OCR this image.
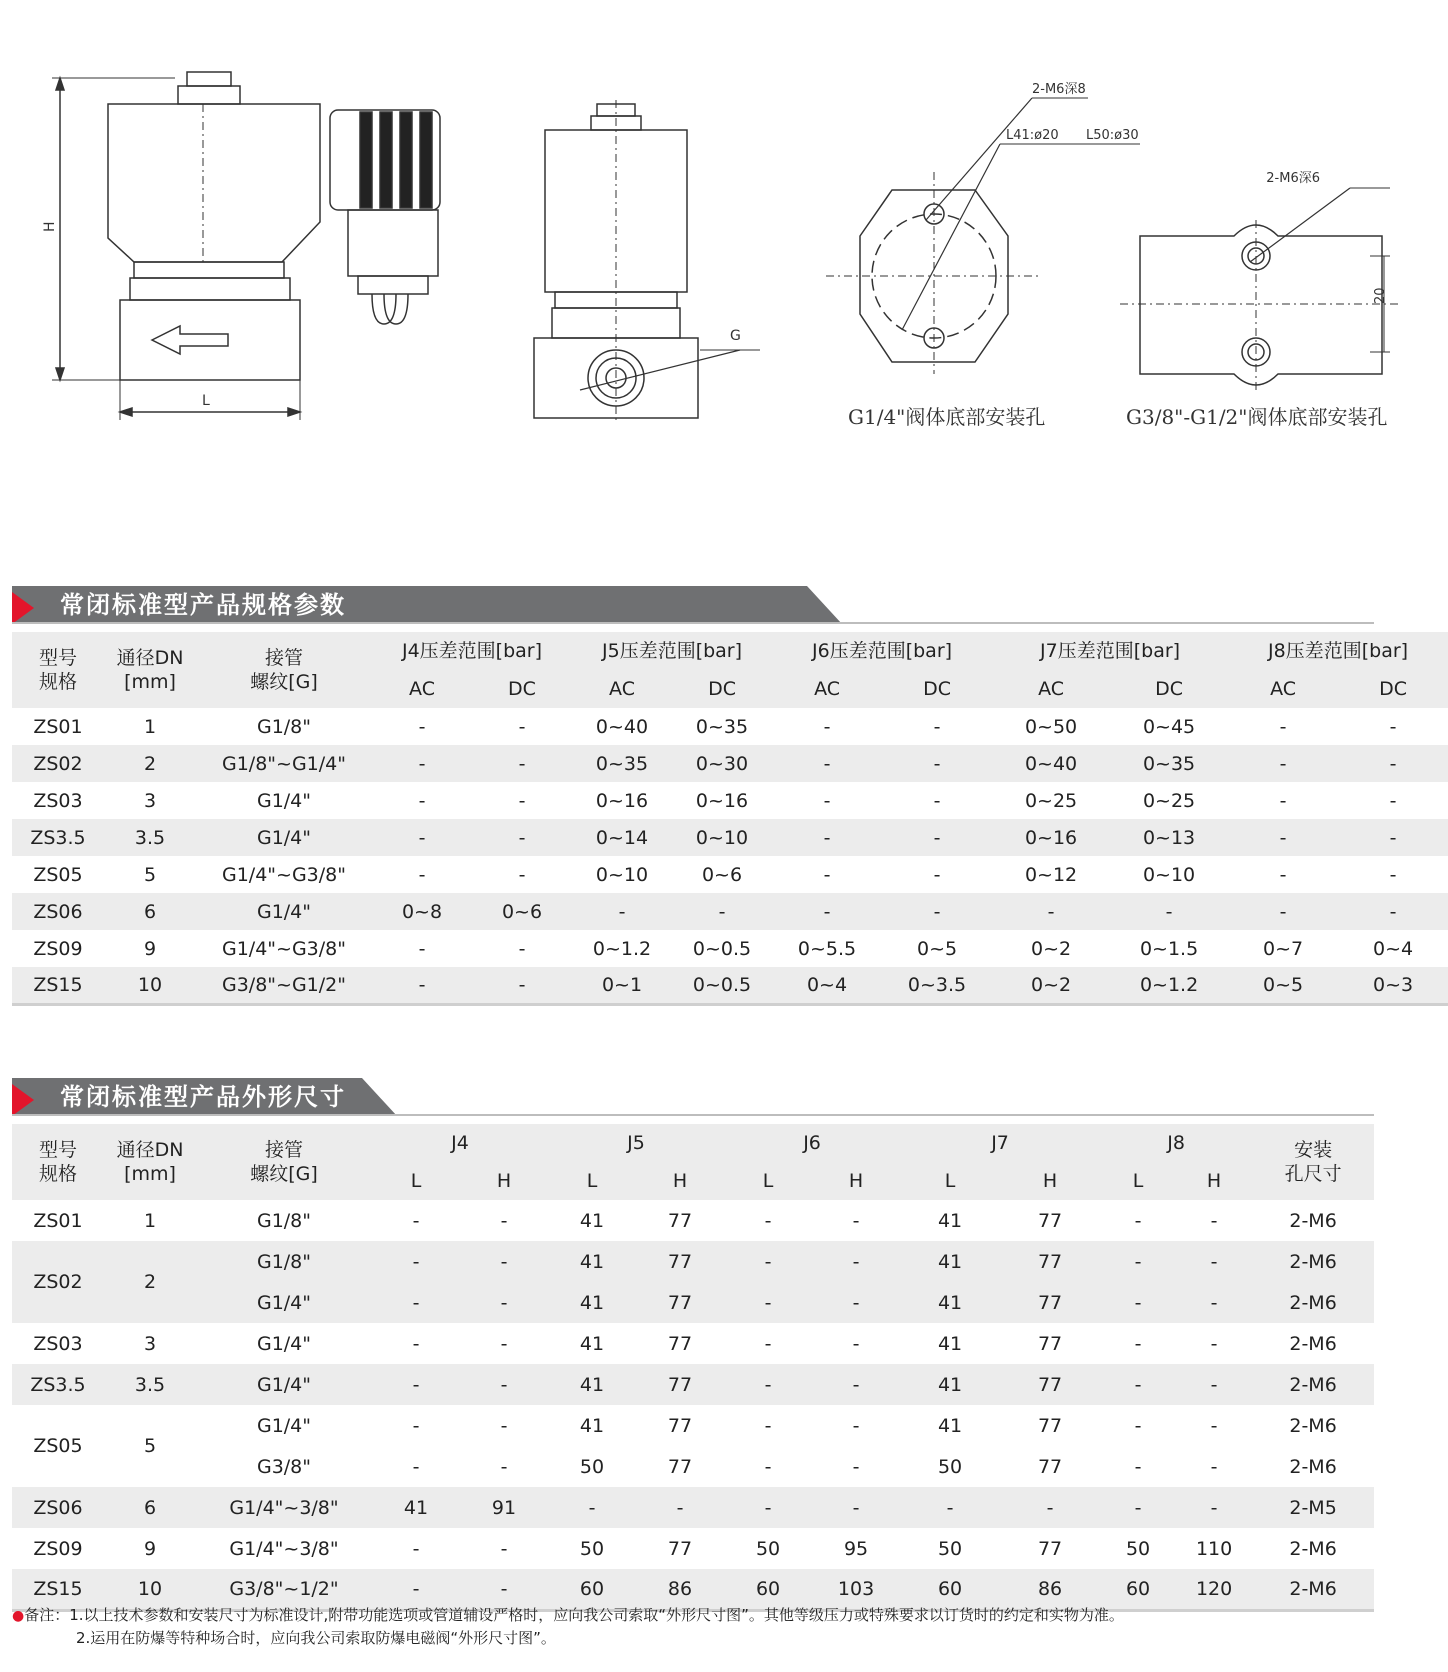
H
L
G
2-M6深8
L41:ø20 L50:ø30
2-M6深6
20
G1/4"阀体底部安装孔	G3/8"-G1/2"阀体底部安装孔
常闭标准型产品规格参数
型号
规格	通径DN
[mm]	接管
螺纹[G]	J4压差范围[bar]		J5压差范围[bar]		J6压差范围[bar]		J7压差范围[bar]		J8压差范围[bar]	
			AC	DC	AC	DC	AC	DC	AC	DC	AC	DC
ZS01	1	G1/8"	-	-	0~40	0~35	-	-	0~50	0~45	-	-
ZS02	2	G1/8"~G1/4"	-	-	0~35	0~30	-	-	0~40	0~35	-	-
ZS03	3	G1/4"	-	-	0~16	0~16	-	-	0~25	0~25	-	-
ZS3.5	3.5	G1/4"	-	-	0~14	0~10	-	-	0~16	0~13	-	-
ZS05	5	G1/4"~G3/8"	-	-	0~10	0~6	-	-	0~12	0~10	-	-
ZS06	6	G1/4"	0~8	0~6	-	-	-	-	-	-	-	-
ZS09	9	G1/4"~G3/8"	-	-	0~1.2	0~0.5	0~5.5	0~5	0~2	0~1.5	0~7	0~4
ZS15	10	G3/8"~G1/2"	-	-	0~1	0~0.5	0~4	0~3.5	0~2	0~1.2	0~5	0~3
常闭标准型产品外形尺寸
型号
规格	通径DN
[mm]	接管
螺纹[G]	J4		J5		J6		J7		J8		安装
孔尺寸
			L	H	L	H	L	H	L	H	L	H	
ZS01	1	G1/8"	-	-	41	77	-	-	41	77	-	-	2-M6
ZS02	2	G1/8"	-	-	41	77	-	-	41	77	-	-	2-M6
		G1/4"	-	-	41	77	-	-	41	77	-	-	2-M6
ZS03	3	G1/4"	-	-	41	77	-	-	41	77	-	-	2-M6
ZS3.5	3.5	G1/4"	-	-	41	77	-	-	41	77	-	-	2-M6
ZS05	5	G1/4"	-	-	41	77	-	-	41	77	-	-	2-M6
		G3/8"	-	-	50	77	-	-	50	77	-	-	2-M6
ZS06	6	G1/4"~3/8"	41	91	-	-	-	-	-	-	-	-	2-M5
ZS09	9	G1/4"~3/8"	-	-	50	77	50	95	50	77	50	110	2-M6
ZS15	10	G3/8"~1/2"	-	-	60	86	60	103	60	86	60	120	2-M6
●备注：1.以上技术参数和安装尺寸为标准设计,附带功能选项或管道辅设严格时，应向我公司索取“外形尺寸图”。其他等级压力或特殊要求以订货时的约定和实物为准。
2.运用在防爆等特种场合时，应向我公司索取防爆电磁阀“外形尺寸图”。
